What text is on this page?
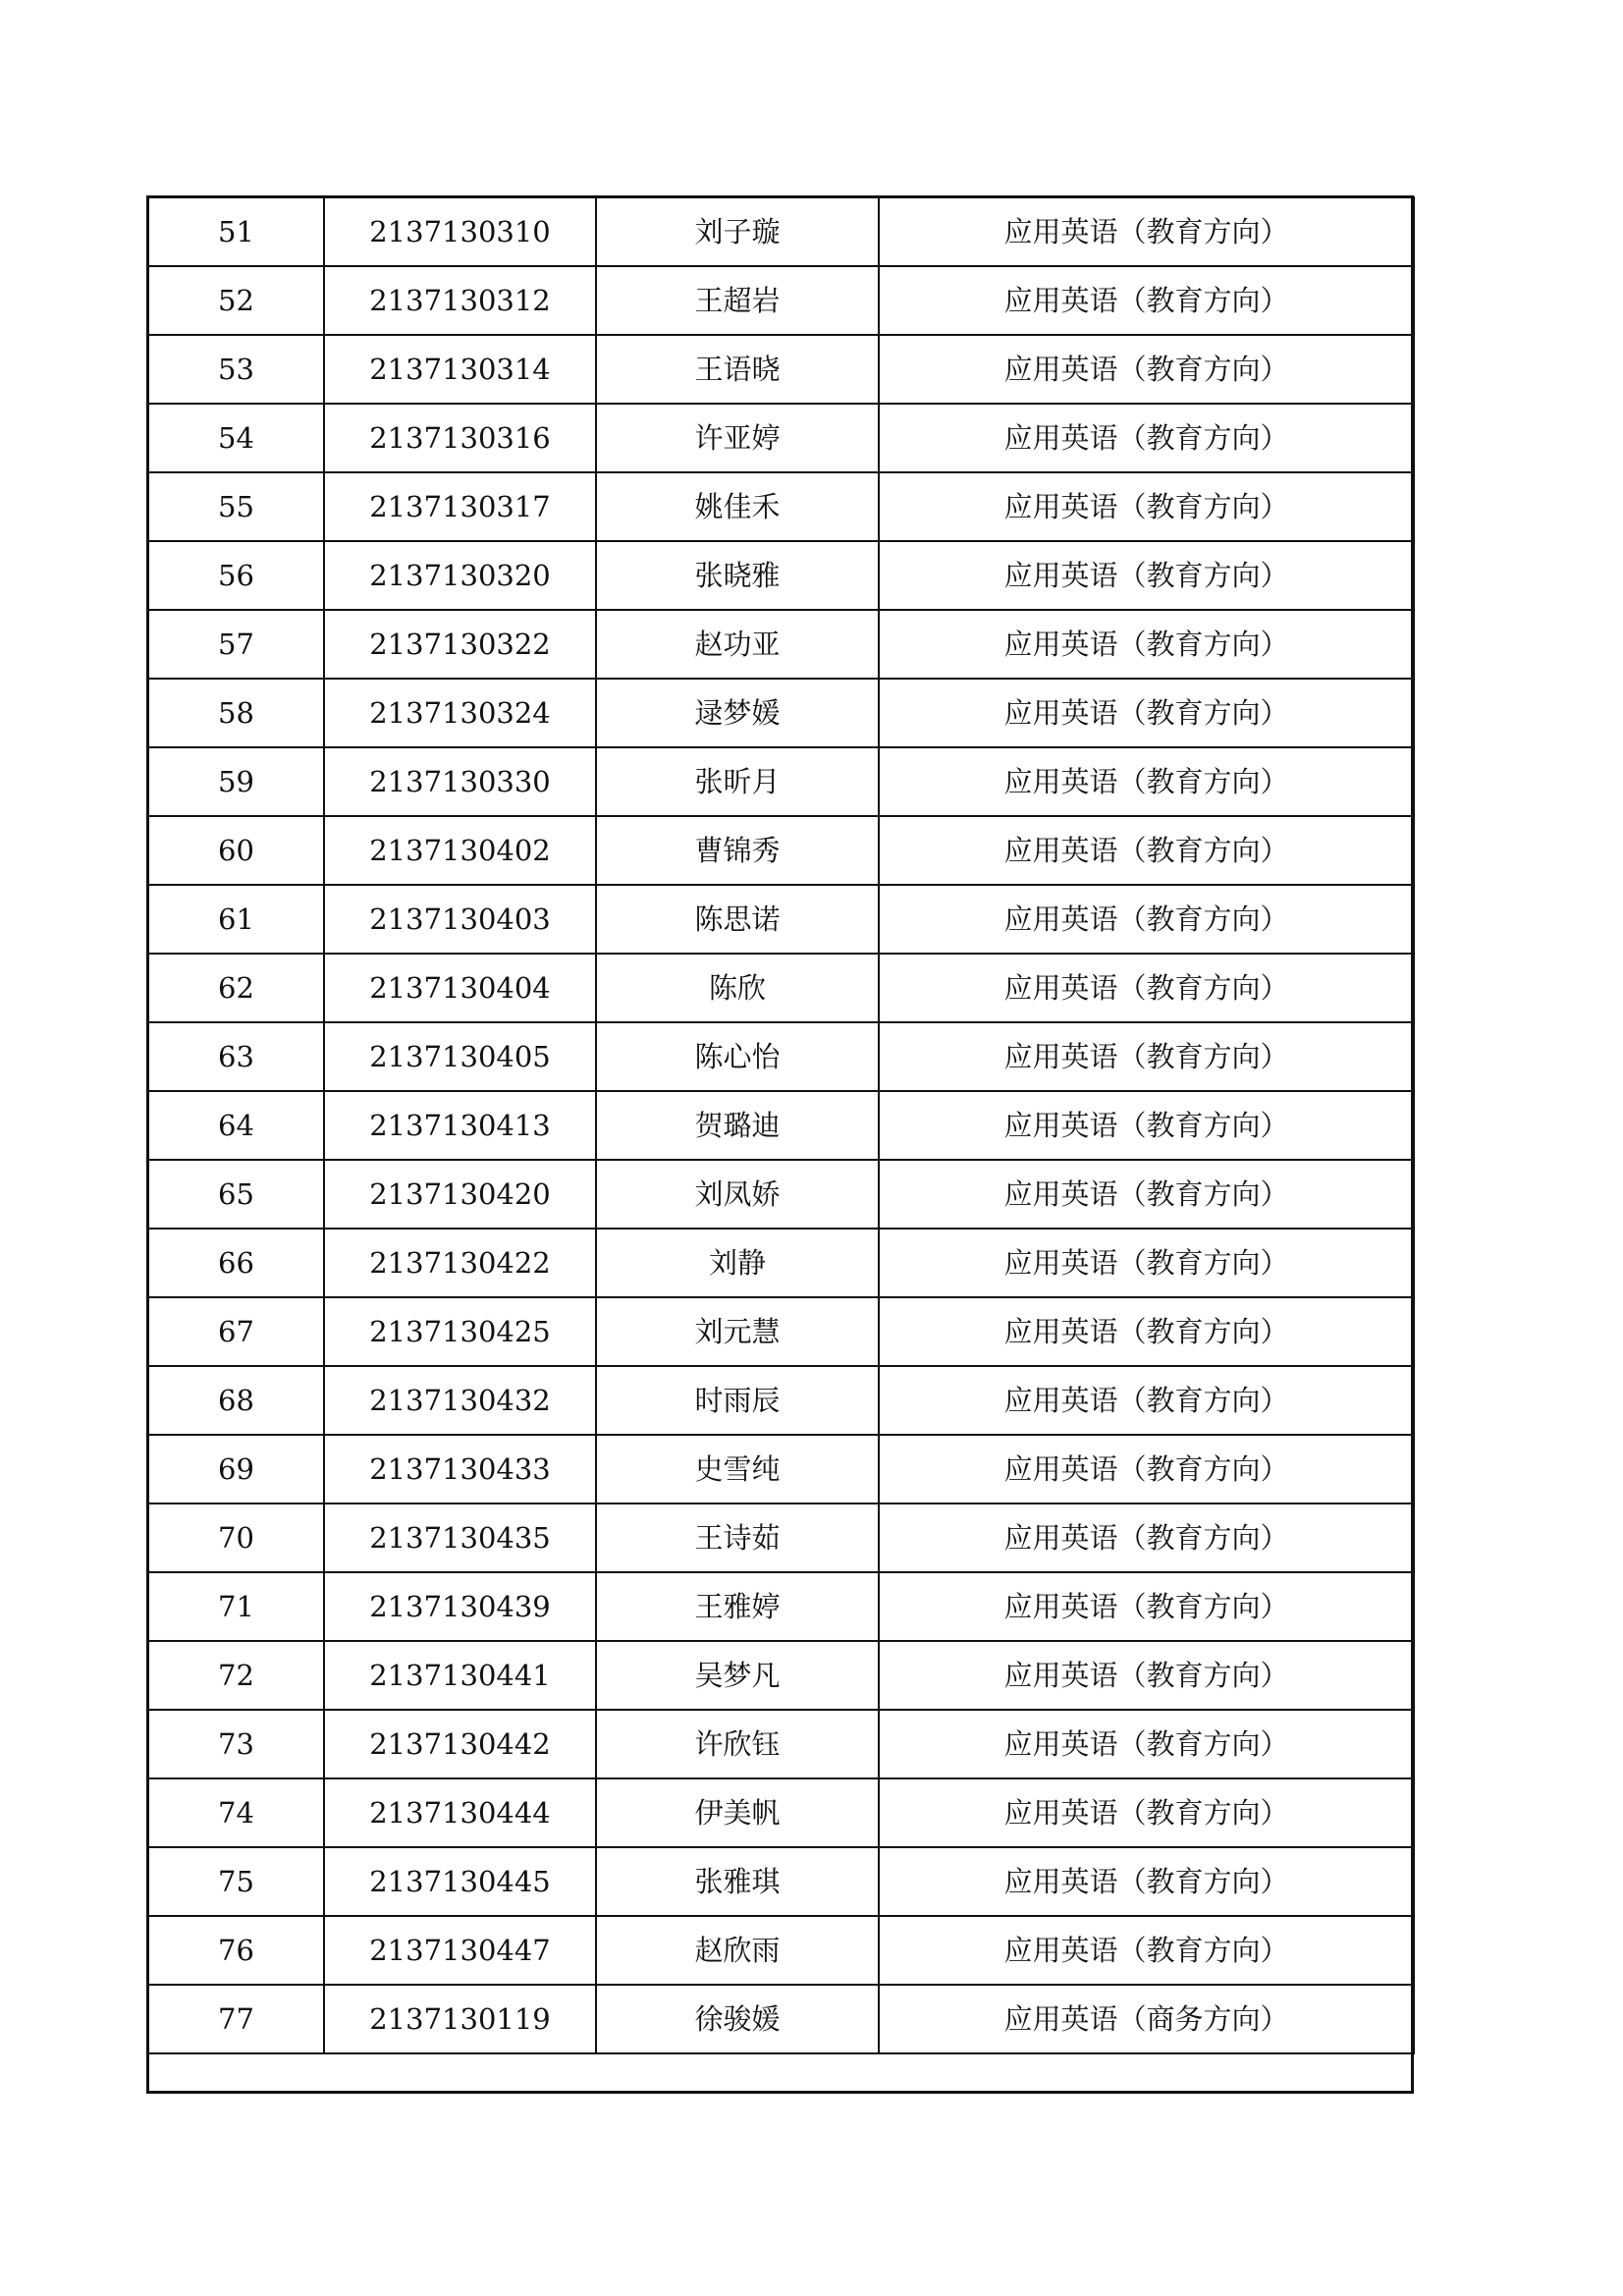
51	2137130310	刘子璇	应用英语（教育方向）
52	2137130312	王超岩	应用英语（教育方向）
53	2137130314	王语晓	应用英语（教育方向）
54	2137130316	许亚婷	应用英语（教育方向）
55	2137130317	姚佳禾	应用英语（教育方向）
56	2137130320	张晓雅	应用英语（教育方向）
57	2137130322	赵功亚	应用英语（教育方向）
58	2137130324	逯梦媛	应用英语（教育方向）
59	2137130330	张昕月	应用英语（教育方向）
60	2137130402	曹锦秀	应用英语（教育方向）
61	2137130403	陈思诺	应用英语（教育方向）
62	2137130404	陈欣	应用英语（教育方向）
63	2137130405	陈心怡	应用英语（教育方向）
64	2137130413	贺璐迪	应用英语（教育方向）
65	2137130420	刘凤娇	应用英语（教育方向）
66	2137130422	刘静	应用英语（教育方向）
67	2137130425	刘元慧	应用英语（教育方向）
68	2137130432	时雨辰	应用英语（教育方向）
69	2137130433	史雪纯	应用英语（教育方向）
70	2137130435	王诗茹	应用英语（教育方向）
71	2137130439	王雅婷	应用英语（教育方向）
72	2137130441	吴梦凡	应用英语（教育方向）
73	2137130442	许欣钰	应用英语（教育方向）
74	2137130444	伊美帆	应用英语（教育方向）
75	2137130445	张雅琪	应用英语（教育方向）
76	2137130447	赵欣雨	应用英语（教育方向）
77	2137130119	徐骏媛	应用英语（商务方向）
